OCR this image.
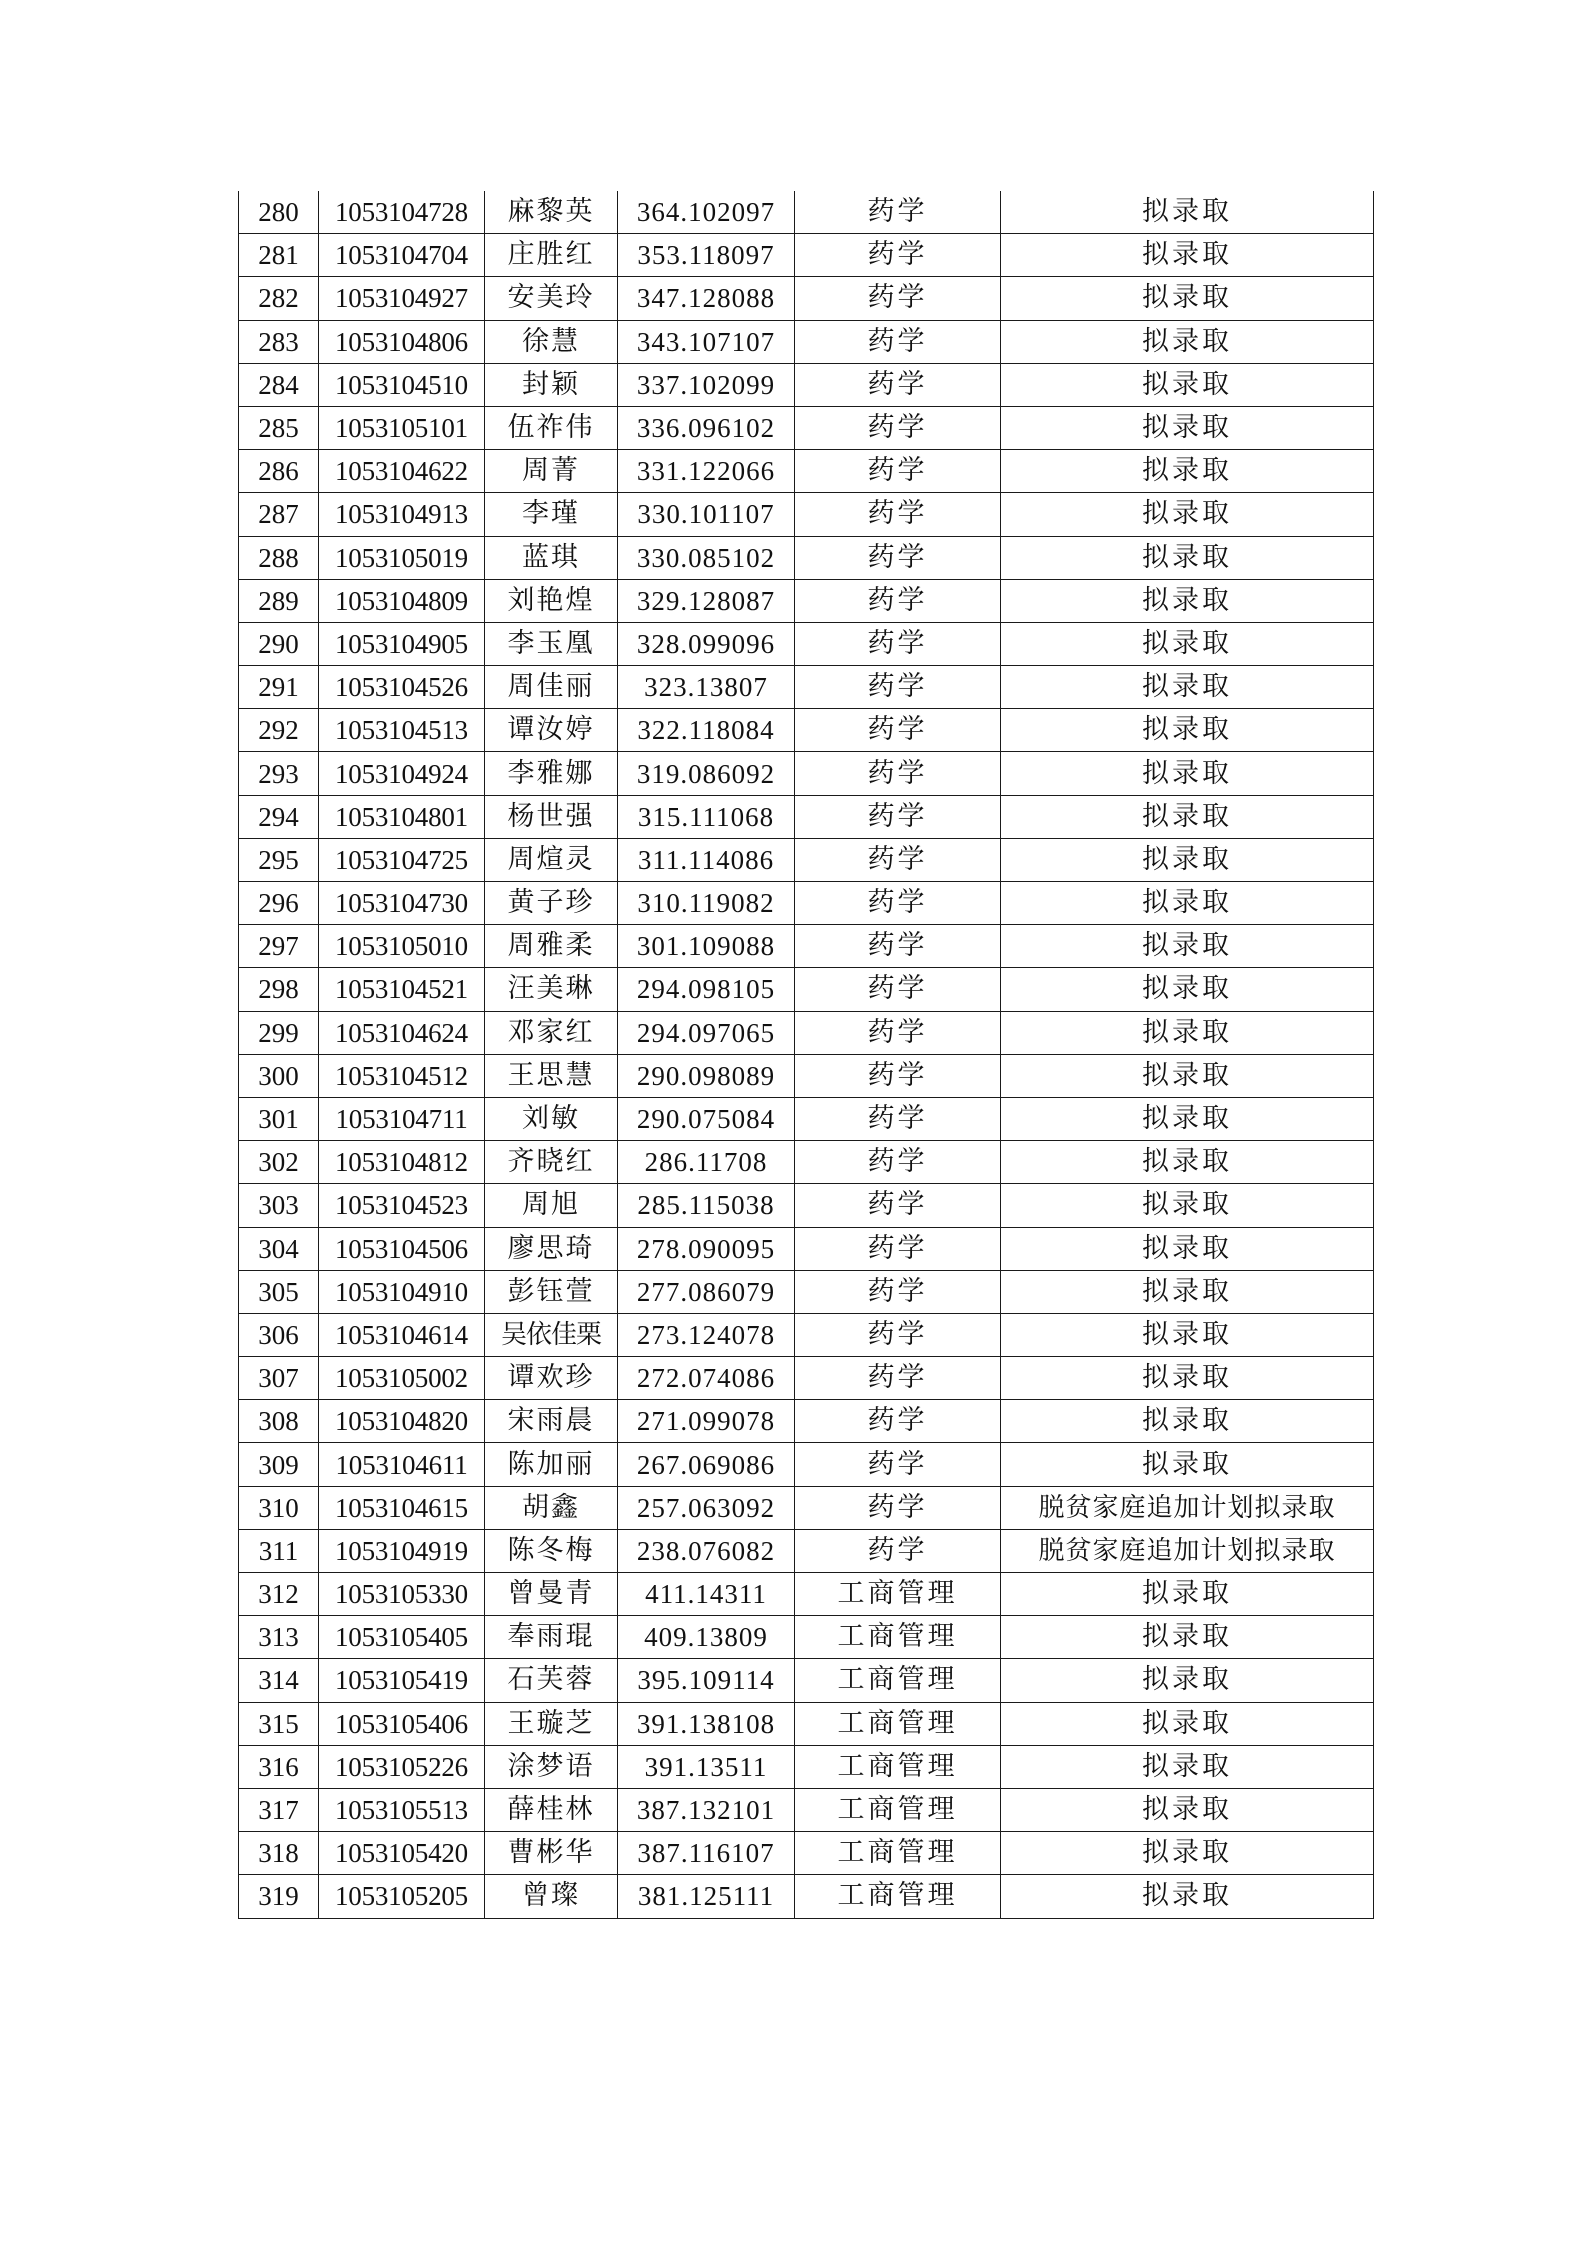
280	1053104728	麻黎英	364.102097	药学	拟录取
281	1053104704	庄胜红	353.118097	药学	拟录取
282	1053104927	安美玲	347.128088	药学	拟录取
283	1053104806	徐慧	343.107107	药学	拟录取
284	1053104510	封颖	337.102099	药学	拟录取
285	1053105101	伍祚伟	336.096102	药学	拟录取
286	1053104622	周菁	331.122066	药学	拟录取
287	1053104913	李瑾	330.101107	药学	拟录取
288	1053105019	蓝琪	330.085102	药学	拟录取
289	1053104809	刘艳煌	329.128087	药学	拟录取
290	1053104905	李玉凰	328.099096	药学	拟录取
291	1053104526	周佳丽	323.13807	药学	拟录取
292	1053104513	谭汝婷	322.118084	药学	拟录取
293	1053104924	李雅娜	319.086092	药学	拟录取
294	1053104801	杨世强	315.111068	药学	拟录取
295	1053104725	周煊灵	311.114086	药学	拟录取
296	1053104730	黄子珍	310.119082	药学	拟录取
297	1053105010	周雅柔	301.109088	药学	拟录取
298	1053104521	汪美琳	294.098105	药学	拟录取
299	1053104624	邓家红	294.097065	药学	拟录取
300	1053104512	王思慧	290.098089	药学	拟录取
301	1053104711	刘敏	290.075084	药学	拟录取
302	1053104812	齐晓红	286.11708	药学	拟录取
303	1053104523	周旭	285.115038	药学	拟录取
304	1053104506	廖思琦	278.090095	药学	拟录取
305	1053104910	彭钰萱	277.086079	药学	拟录取
306	1053104614	吴依佳栗	273.124078	药学	拟录取
307	1053105002	谭欢珍	272.074086	药学	拟录取
308	1053104820	宋雨晨	271.099078	药学	拟录取
309	1053104611	陈加丽	267.069086	药学	拟录取
310	1053104615	胡鑫	257.063092	药学	脱贫家庭追加计划拟录取
311	1053104919	陈冬梅	238.076082	药学	脱贫家庭追加计划拟录取
312	1053105330	曾曼青	411.14311	工商管理	拟录取
313	1053105405	奉雨琨	409.13809	工商管理	拟录取
314	1053105419	石芙蓉	395.109114	工商管理	拟录取
315	1053105406	王璇芝	391.138108	工商管理	拟录取
316	1053105226	涂梦语	391.13511	工商管理	拟录取
317	1053105513	薛桂林	387.132101	工商管理	拟录取
318	1053105420	曹彬华	387.116107	工商管理	拟录取
319	1053105205	曾璨	381.125111	工商管理	拟录取
